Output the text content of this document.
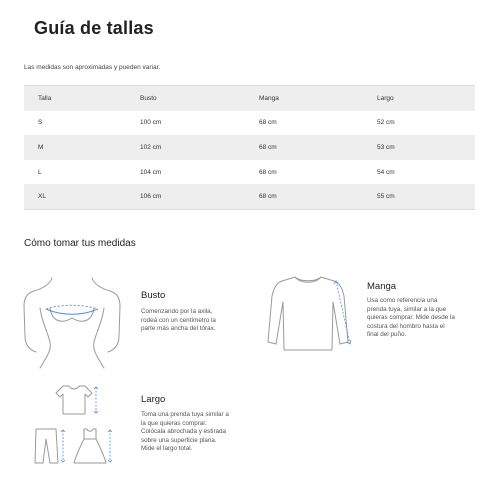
Guía de tallas
Las medidas son aproximadas y pueden variar.
Talla	Busto	Manga	Largo
S	100 cm	68 cm	52 cm
M	102 cm	68 cm	53 cm
L	104 cm	68 cm	54 cm
XL	106 cm	68 cm	55 cm
Cómo tomar tus medidas
Busto
Comenzando por la axila,
rodeá con un centímetro la
parte más ancha del tórax.
Manga
Usa como referencia una
prenda tuya, similar a la que
quieras comprar. Mide desde la
costura del hombro hasta el
final del puño.
Largo
Toma una prenda tuya similar a
la que quieras comprar.
Colócala abrochada y estirada
sobre una superficie plana.
Mide el largo total.
